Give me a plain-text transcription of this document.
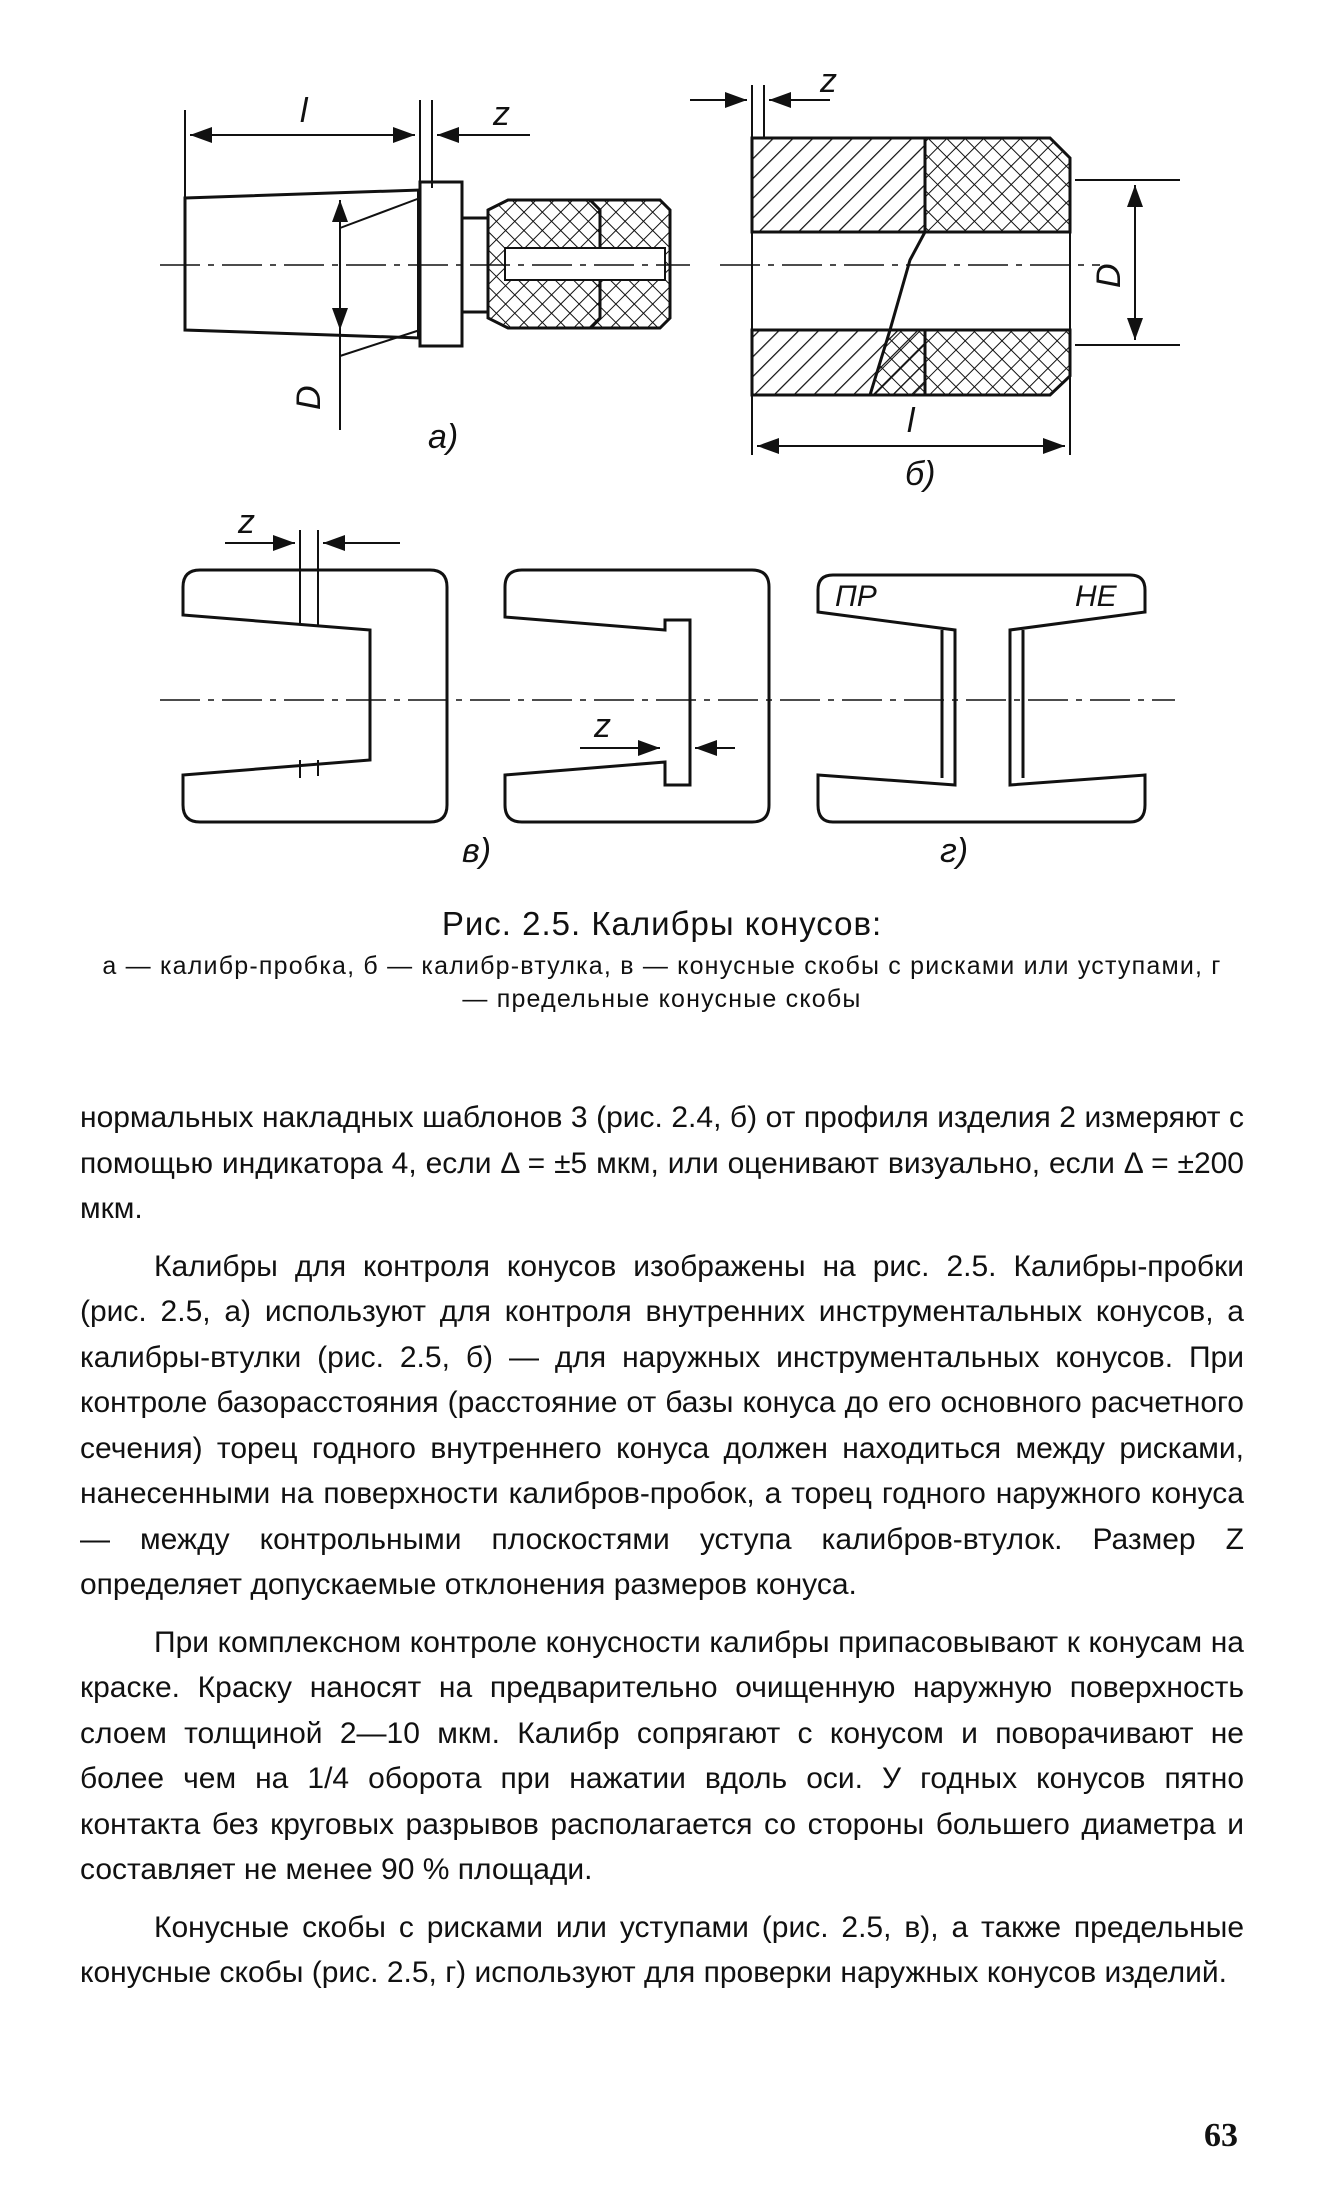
l	z
D
а)
z
D
l
б)
z
z
в)
ПР	НЕ
г)
Рис. 2.5. Калибры конусов:
а — калибр-пробка, б — калибр-втулка, в — конусные скобы с рисками или уступами, г — предельные конусные скобы

нормальных накладных шаблонов 3 (рис. 2.4, б) от профиля изделия 2 измеряют с помощью индикатора 4, если Δ = ±5 мкм, или оценивают визуально, если Δ = ±200 мкм.

Калибры для контроля конусов изображены на рис. 2.5. Калибры-пробки (рис. 2.5, а) используют для контроля внутренних инструментальных конусов, а калибры-втулки (рис. 2.5, б) — для наружных инструментальных конусов. При контроле базорасстояния (расстояние от базы конуса до его основного расчетного сечения) торец годного внутреннего конуса должен находиться между рисками, нанесенными на поверхности калибров-пробок, а торец годного наружного конуса — между контрольными плоскостями уступа калибров-втулок. Размер Z определяет допускаемые отклонения размеров конуса.

При комплексном контроле конусности калибры припасовывают к конусам на краске. Краску наносят на предварительно очищенную наружную поверхность слоем толщиной 2—10 мкм. Калибр сопрягают с конусом и поворачивают не более чем на 1/4 оборота при нажатии вдоль оси. У годных конусов пятно контакта без круговых разрывов располагается со стороны большего диаметра и составляет не менее 90 % площади.

Конусные скобы с рисками или уступами (рис. 2.5, в), а также предельные конусные скобы (рис. 2.5, г) используют для проверки наружных конусов изделий.

63
